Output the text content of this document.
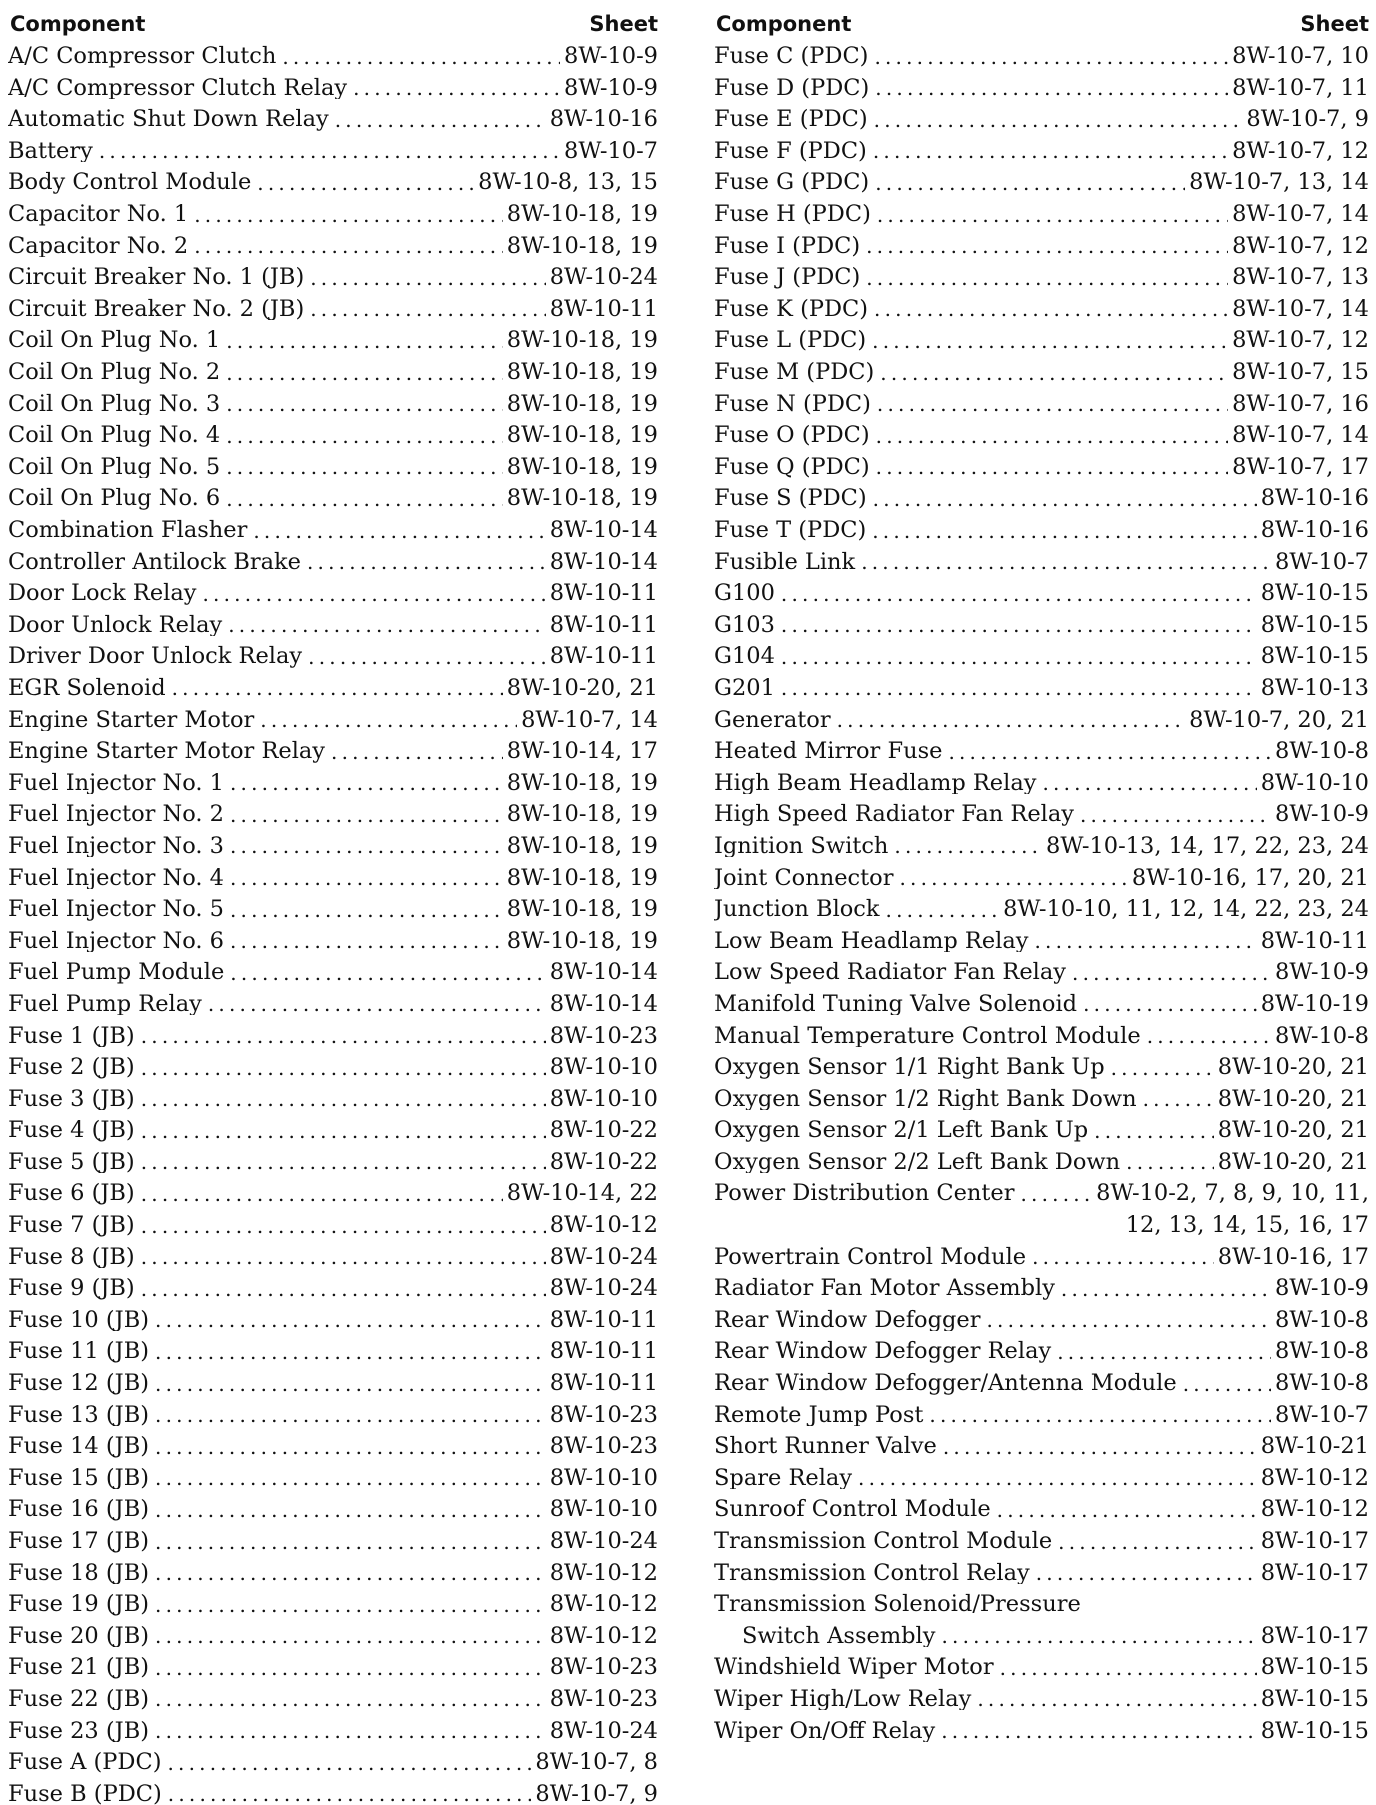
Component	Sheet
A/C Compressor Clutch .....	8W-10-9
A/C Compressor Clutch Relay .....	8W-10-9
Automatic Shut Down Relay .....	8W-10-16
Battery .....	8W-10-7
Body Control Module .....	8W-10-8, 13, 15
Capacitor No. 1 .....	8W-10-18, 19
Capacitor No. 2 .....	8W-10-18, 19
Circuit Breaker No. 1 (JB) .....	8W-10-24
Circuit Breaker No. 2 (JB) .....	8W-10-11
Coil On Plug No. 1 .....	8W-10-18, 19
Coil On Plug No. 2 .....	8W-10-18, 19
Coil On Plug No. 3 .....	8W-10-18, 19
Coil On Plug No. 4 .....	8W-10-18, 19
Coil On Plug No. 5 .....	8W-10-18, 19
Coil On Plug No. 6 .....	8W-10-18, 19
Combination Flasher .....	8W-10-14
Controller Antilock Brake .....	8W-10-14
Door Lock Relay .....	8W-10-11
Door Unlock Relay .....	8W-10-11
Driver Door Unlock Relay .....	8W-10-11
EGR Solenoid .....	8W-10-20, 21
Engine Starter Motor .....	8W-10-7, 14
Engine Starter Motor Relay .....	8W-10-14, 17
Fuel Injector No. 1 .....	8W-10-18, 19
Fuel Injector No. 2 .....	8W-10-18, 19
Fuel Injector No. 3 .....	8W-10-18, 19
Fuel Injector No. 4 .....	8W-10-18, 19
Fuel Injector No. 5 .....	8W-10-18, 19
Fuel Injector No. 6 .....	8W-10-18, 19
Fuel Pump Module .....	8W-10-14
Fuel Pump Relay .....	8W-10-14
Fuse 1 (JB) .....	8W-10-23
Fuse 2 (JB) .....	8W-10-10
Fuse 3 (JB) .....	8W-10-10
Fuse 4 (JB) .....	8W-10-22
Fuse 5 (JB) .....	8W-10-22
Fuse 6 (JB) .....	8W-10-14, 22
Fuse 7 (JB) .....	8W-10-12
Fuse 8 (JB) .....	8W-10-24
Fuse 9 (JB) .....	8W-10-24
Fuse 10 (JB) .....	8W-10-11
Fuse 11 (JB) .....	8W-10-11
Fuse 12 (JB) .....	8W-10-11
Fuse 13 (JB) .....	8W-10-23
Fuse 14 (JB) .....	8W-10-23
Fuse 15 (JB) .....	8W-10-10
Fuse 16 (JB) .....	8W-10-10
Fuse 17 (JB) .....	8W-10-24
Fuse 18 (JB) .....	8W-10-12
Fuse 19 (JB) .....	8W-10-12
Fuse 20 (JB) .....	8W-10-12
Fuse 21 (JB) .....	8W-10-23
Fuse 22 (JB) .....	8W-10-23
Fuse 23 (JB) .....	8W-10-24
Fuse A (PDC) .....	8W-10-7, 8
Fuse B (PDC) .....	8W-10-7, 9
Component	Sheet
Fuse C (PDC) .....	8W-10-7, 10
Fuse D (PDC) .....	8W-10-7, 11
Fuse E (PDC) .....	8W-10-7, 9
Fuse F (PDC) .....	8W-10-7, 12
Fuse G (PDC) .....	8W-10-7, 13, 14
Fuse H (PDC) .....	8W-10-7, 14
Fuse I (PDC) .....	8W-10-7, 12
Fuse J (PDC) .....	8W-10-7, 13
Fuse K (PDC) .....	8W-10-7, 14
Fuse L (PDC) .....	8W-10-7, 12
Fuse M (PDC) .....	8W-10-7, 15
Fuse N (PDC) .....	8W-10-7, 16
Fuse O (PDC) .....	8W-10-7, 14
Fuse Q (PDC) .....	8W-10-7, 17
Fuse S (PDC) .....	8W-10-16
Fuse T (PDC) .....	8W-10-16
Fusible Link .....	8W-10-7
G100 .....	8W-10-15
G103 .....	8W-10-15
G104 .....	8W-10-15
G201 .....	8W-10-13
Generator .....	8W-10-7, 20, 21
Heated Mirror Fuse .....	8W-10-8
High Beam Headlamp Relay .....	8W-10-10
High Speed Radiator Fan Relay .....	8W-10-9
Ignition Switch .....	8W-10-13, 14, 17, 22, 23, 24
Joint Connector .....	8W-10-16, 17, 20, 21
Junction Block .....	8W-10-10, 11, 12, 14, 22, 23, 24
Low Beam Headlamp Relay .....	8W-10-11
Low Speed Radiator Fan Relay .....	8W-10-9
Manifold Tuning Valve Solenoid .....	8W-10-19
Manual Temperature Control Module .....	8W-10-8
Oxygen Sensor 1/1 Right Bank Up .....	8W-10-20, 21
Oxygen Sensor 1/2 Right Bank Down .....	8W-10-20, 21
Oxygen Sensor 2/1 Left Bank Up .....	8W-10-20, 21
Oxygen Sensor 2/2 Left Bank Down .....	8W-10-20, 21
Power Distribution Center .....	8W-10-2, 7, 8, 9, 10, 11,
12, 13, 14, 15, 16, 17
Powertrain Control Module .....	8W-10-16, 17
Radiator Fan Motor Assembly .....	8W-10-9
Rear Window Defogger .....	8W-10-8
Rear Window Defogger Relay .....	8W-10-8
Rear Window Defogger/Antenna Module .....	8W-10-8
Remote Jump Post .....	8W-10-7
Short Runner Valve .....	8W-10-21
Spare Relay .....	8W-10-12
Sunroof Control Module .....	8W-10-12
Transmission Control Module .....	8W-10-17
Transmission Control Relay .....	8W-10-17
Transmission Solenoid/Pressure
Switch Assembly .....	8W-10-17
Windshield Wiper Motor .....	8W-10-15
Wiper High/Low Relay .....	8W-10-15
Wiper On/Off Relay .....	8W-10-15
